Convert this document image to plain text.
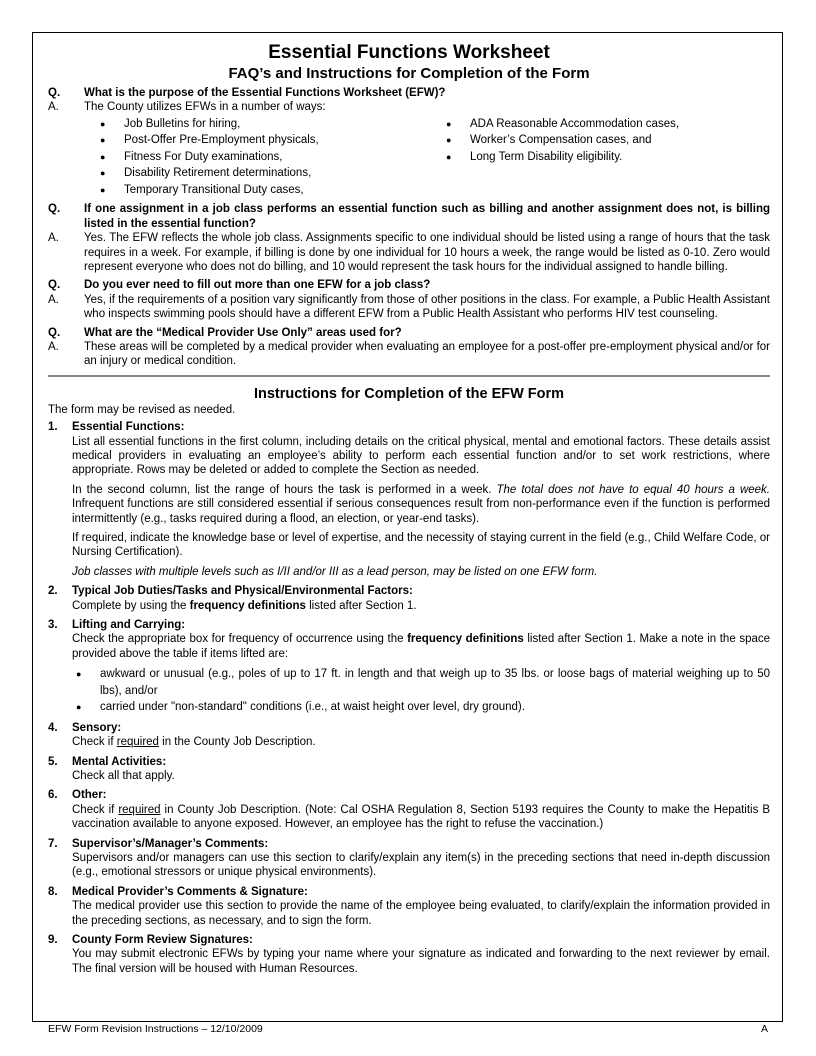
Essential Functions Worksheet
FAQ’s and Instructions for Completion of the Form
Q.	What is the purpose of the Essential Functions Worksheet (EFW)?
A.	The County utilizes EFWs in a number of ways:
●	Job Bulletins for hiring,
●	Post-Offer Pre-Employment physicals,
●	Fitness For Duty examinations,
●	Disability Retirement determinations,
●	Temporary Transitional Duty cases,
●	ADA Reasonable Accommodation cases,
●	Worker’s Compensation cases, and
●	Long Term Disability eligibility.
Q.	If one assignment in a job class performs an essential function such as billing and another assignment does not, is billing listed in the essential function?
A.	Yes. The EFW reflects the whole job class. Assignments specific to one individual should be listed using a range of hours that the task requires in a week. For example, if billing is done by one individual for 10 hours a week, the range would be listed as 0-10. Zero would represent everyone who does not do billing, and 10 would represent the task hours for the individual assigned to handle billing.
Q.	Do you ever need to fill out more than one EFW for a job class?
A.	Yes, if the requirements of a position vary significantly from those of other positions in the class. For example, a Public Health Assistant who inspects swimming pools should have a different EFW from a Public Health Assistant who performs HIV test counseling.
Q.	What are the “Medical Provider Use Only” areas used for?
A.	These areas will be completed by a medical provider when evaluating an employee for a post-offer pre-employment physical and/or for an injury or medical condition.
Instructions for Completion of the EFW Form

The form may be revised as needed.

1.	Essential Functions:

List all essential functions in the first column, including details on the critical physical, mental and emotional factors. These details assist medical providers in evaluating an employee’s ability to perform each essential function and/or to set work restrictions, where appropriate. Rows may be deleted or added to complete the Section as needed.

In the second column, list the range of hours the task is performed in a week. The total does not have to equal 40 hours a week. Infrequent functions are still considered essential if serious consequences result from non-performance even if the function is performed intermittently (e.g., tasks required during a flood, an election, or year-end tasks).

If required, indicate the knowledge base or level of expertise, and the necessity of staying current in the field (e.g., Child Welfare Code, or Nursing Certification).

Job classes with multiple levels such as I/II and/or III as a lead person, may be listed on one EFW form.

2.	Typical Job Duties/Tasks and Physical/Environmental Factors:

Complete by using the frequency definitions listed after Section 1.

3.	Lifting and Carrying:

Check the appropriate box for frequency of occurrence using the frequency definitions listed after Section 1. Make a note in the space provided above the table if items lifted are:

●	awkward or unusual (e.g., poles of up to 17 ft. in length and that weigh up to 35 lbs. or loose bags of material weighing up to 50 lbs), and/or
●	carried under "non-standard" conditions (i.e., at waist height over level, dry ground).
4.	Sensory:

Check if required in the County Job Description.

5.	Mental Activities:

Check all that apply.

6.	Other:

Check if required in County Job Description. (Note: Cal OSHA Regulation 8, Section 5193 requires the County to make the Hepatitis B vaccination available to anyone exposed. However, an employee has the right to refuse the vaccination.)

7.	Supervisor’s/Manager’s Comments:

Supervisors and/or managers can use this section to clarify/explain any item(s) in the preceding sections that need in-depth discussion (e.g., emotional stressors or unique physical environments).

8.	Medical Provider’s Comments & Signature:

The medical provider use this section to provide the name of the employee being evaluated, to clarify/explain the information provided in the preceding sections, as necessary, and to sign the form.

9.	County Form Review Signatures:

You may submit electronic EFWs by typing your name where your signature as indicated and forwarding to the next reviewer by email. The final version will be housed with Human Resources.

EFW Form Revision Instructions – 12/10/2009	A
